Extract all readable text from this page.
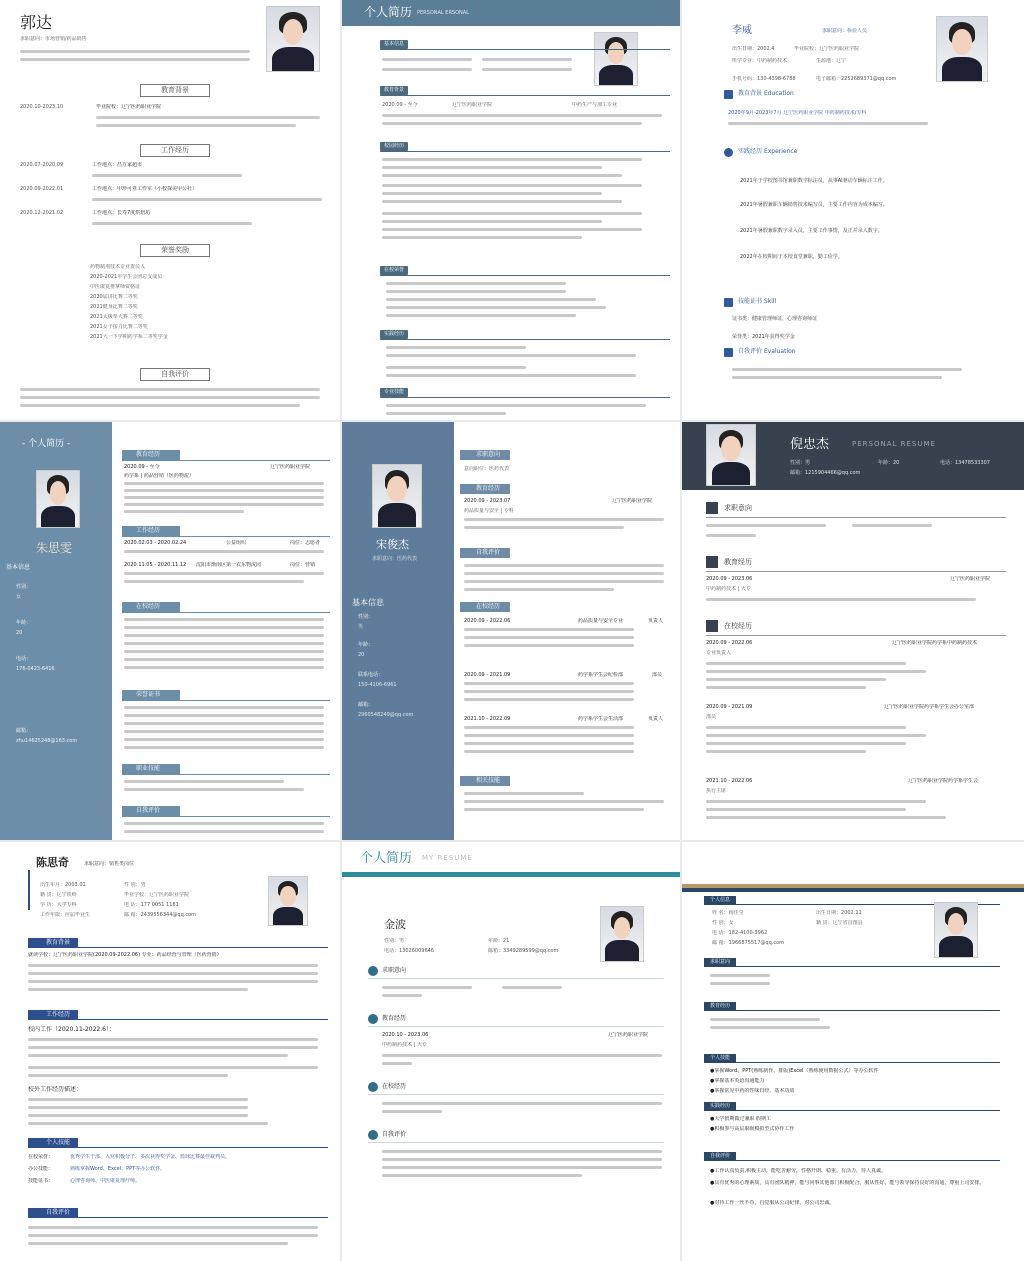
郭达
求职意向：市场营销/药品销售
教育背景
2020.10-2023.10	毕业院校：辽宁医药职业学院
工作经历
2020.07-2020.09	工作地点：昌万家超市
2020.09-2022.01	工作地点：甲珍可亚工作室（小校探美甲公社）
2020.12-2021.02	工作地点：长寿7度烘焙坊
荣誉奖励
药物制剂技术专业委员人
2020-2021年学生会团总支成员
中医康复推拿师资格证
2020届讲比赛二等奖
2021健身比赛二等奖
2021太极拳大赛二等奖
2021女子接力比赛二等奖
2021大一下学期药学系二等奖学金
自我评价
个人简历 PERSONAL ERSONAL
基本信息
教育背景
2020.09 - 至今	辽宁医药职业学院	中药生产与加工专业
校园经历
在校荣誉
实践经历
专业技能
李威	求职意向：检验人员
出生日期：2002.4	毕业院校：辽宁医药职业学院
所学专业：中药制药技术	生源地：辽宁
手机号码：130-4398-6788	电子邮箱：2252689371@qq.com
教育背景 Education
2020年9月-2023年7月 辽宁医药职业学院 中药制药技术/专科
实践经历 Experience
2021年于学校图书馆兼职数字标注员，从事AI驱动车辆标注工作。
2021年暑假兼职车辆销售技术编写员，主要工作内容为成本编写。
2021年暑假兼职数字录入员，主要工作事情，及正并录入数字。
2022年在校期间于本校食堂兼职，勤工俭学。
技能证书 Skill
证书类：健康管理师证，心理咨询师证
荣誉类：2021年获得奖学金
自我评价 Evaluation
- 个人简历 -
朱思雯
基本信息
性别：
女
年龄：
20
电话：
176-0423-6416
邮箱：
zhu14625248@163.com
教育经历
2020.09 - 至今	辽宁医药职业学院
药学系 | 药品营销（医药物流）
工作经历
2020.02.03 - 2020.02.24	公益组织	岗位：志愿者
2020.11.05 - 2020.11.12 沈阳市渐南区第一农东物流园	岗位：营销
在校经历
荣誉证书
职业技能
自我评价
宋俊杰
求职意向：医药代表
基本信息
性别：
男
年龄：
20
联系电话：
150-4106-6961
邮箱：
2960548249@qq.com
求职意向
意向职位：医药代表
教育经历
2020.09 - 2023.07	辽宁医药职业学院
药品质量与安全 | 专科
自我评价
在校经历
2020.09 - 2022.06	药品质量与安全专业	负责人
2020.09 - 2021.09	药学系学生会纪检部	部员
2021.10 - 2022.09	药学系学生会生活部	负责人
相关技能
倪忠杰	PERSONAL RESUME
性别：男	年龄：20	电话：13478533307
邮箱：1215904466@qq.com
求职意向
教育经历
2020.09 - 2023.06	辽宁医药职业学院
中药制药技术 | 大专
在校经历
2020.09 - 2022.06	辽宁医药职业学院药学系中药制药技术
专业负责人
2020.09 - 2021.09	辽宁医药职业学院药学系学生会办公室部
部员
2021.10 - 2022.06	辽宁医药职业学院药学系学生会
执行主席
陈思奇	求职意向：销售类岗位
出生年月：2003.01
籍 贯：辽宁铁岭
学 历：大学专科
工作年限：应届毕业生
性 别：男
毕业学校：辽宁医药职业学院
电 话：177 0051 1181
邮 箱：2439556344@qq.com
教育背景
就读学校：辽宁医药职业学院(2020.09-2022.06) 专业：药品经营与管理（医药营销）
工作经历
校内工作（2020.11-2022.6）：
校外工作经历描述：
个人技能
在校荣誉：	优秀学生干部、入党积极分子、多次获得奖学金、篮球比赛最佳裁判员。
办公技能：	熟练掌握Word、Excel、PPT等办公软件。
技能证书：	心理咨询师、中医康复理疗师。
自我评价
个人简历 MY RESUME
金波
性别：男	年龄：21
电话：13026009646	邮箱：3349289599@qq.com
求职意向
教育经历
2020.10 - 2023.06	辽宁医药职业学院
中药制药技术 | 大专
在校经历
自我评价
个人信息
姓 名：杨佳莹
性 别：女
电 话：182-4100-3962
邮 箱：1966875517@qq.com
出生日期：2002.11
籍 贯：辽宁省昌图县
求职意向
教育经历
个人技能
●掌握Word、PPT(熟练制作、排版)Excel（熟练使用数据公式）等办公软件
●掌握基本英语沟通能力
●掌握常见中药的性味归经、基本功效
实践经历
●大学假期做过兼职 假期工
●积极参与高层职级模拟型式协作工作
自我评价
●工作认真负责,积极主动，能吃苦耐劳，性格开朗、稳重、有活力，待人真诚。
●具有优秀的心理素质，具有团队精神，能与同事其他部门积极配合，服从性好，能与领导保持良好的沟通，尊重上司安排。
●对待工作一丝不苟，自觉服从公司纪律，对公司忠诚。
